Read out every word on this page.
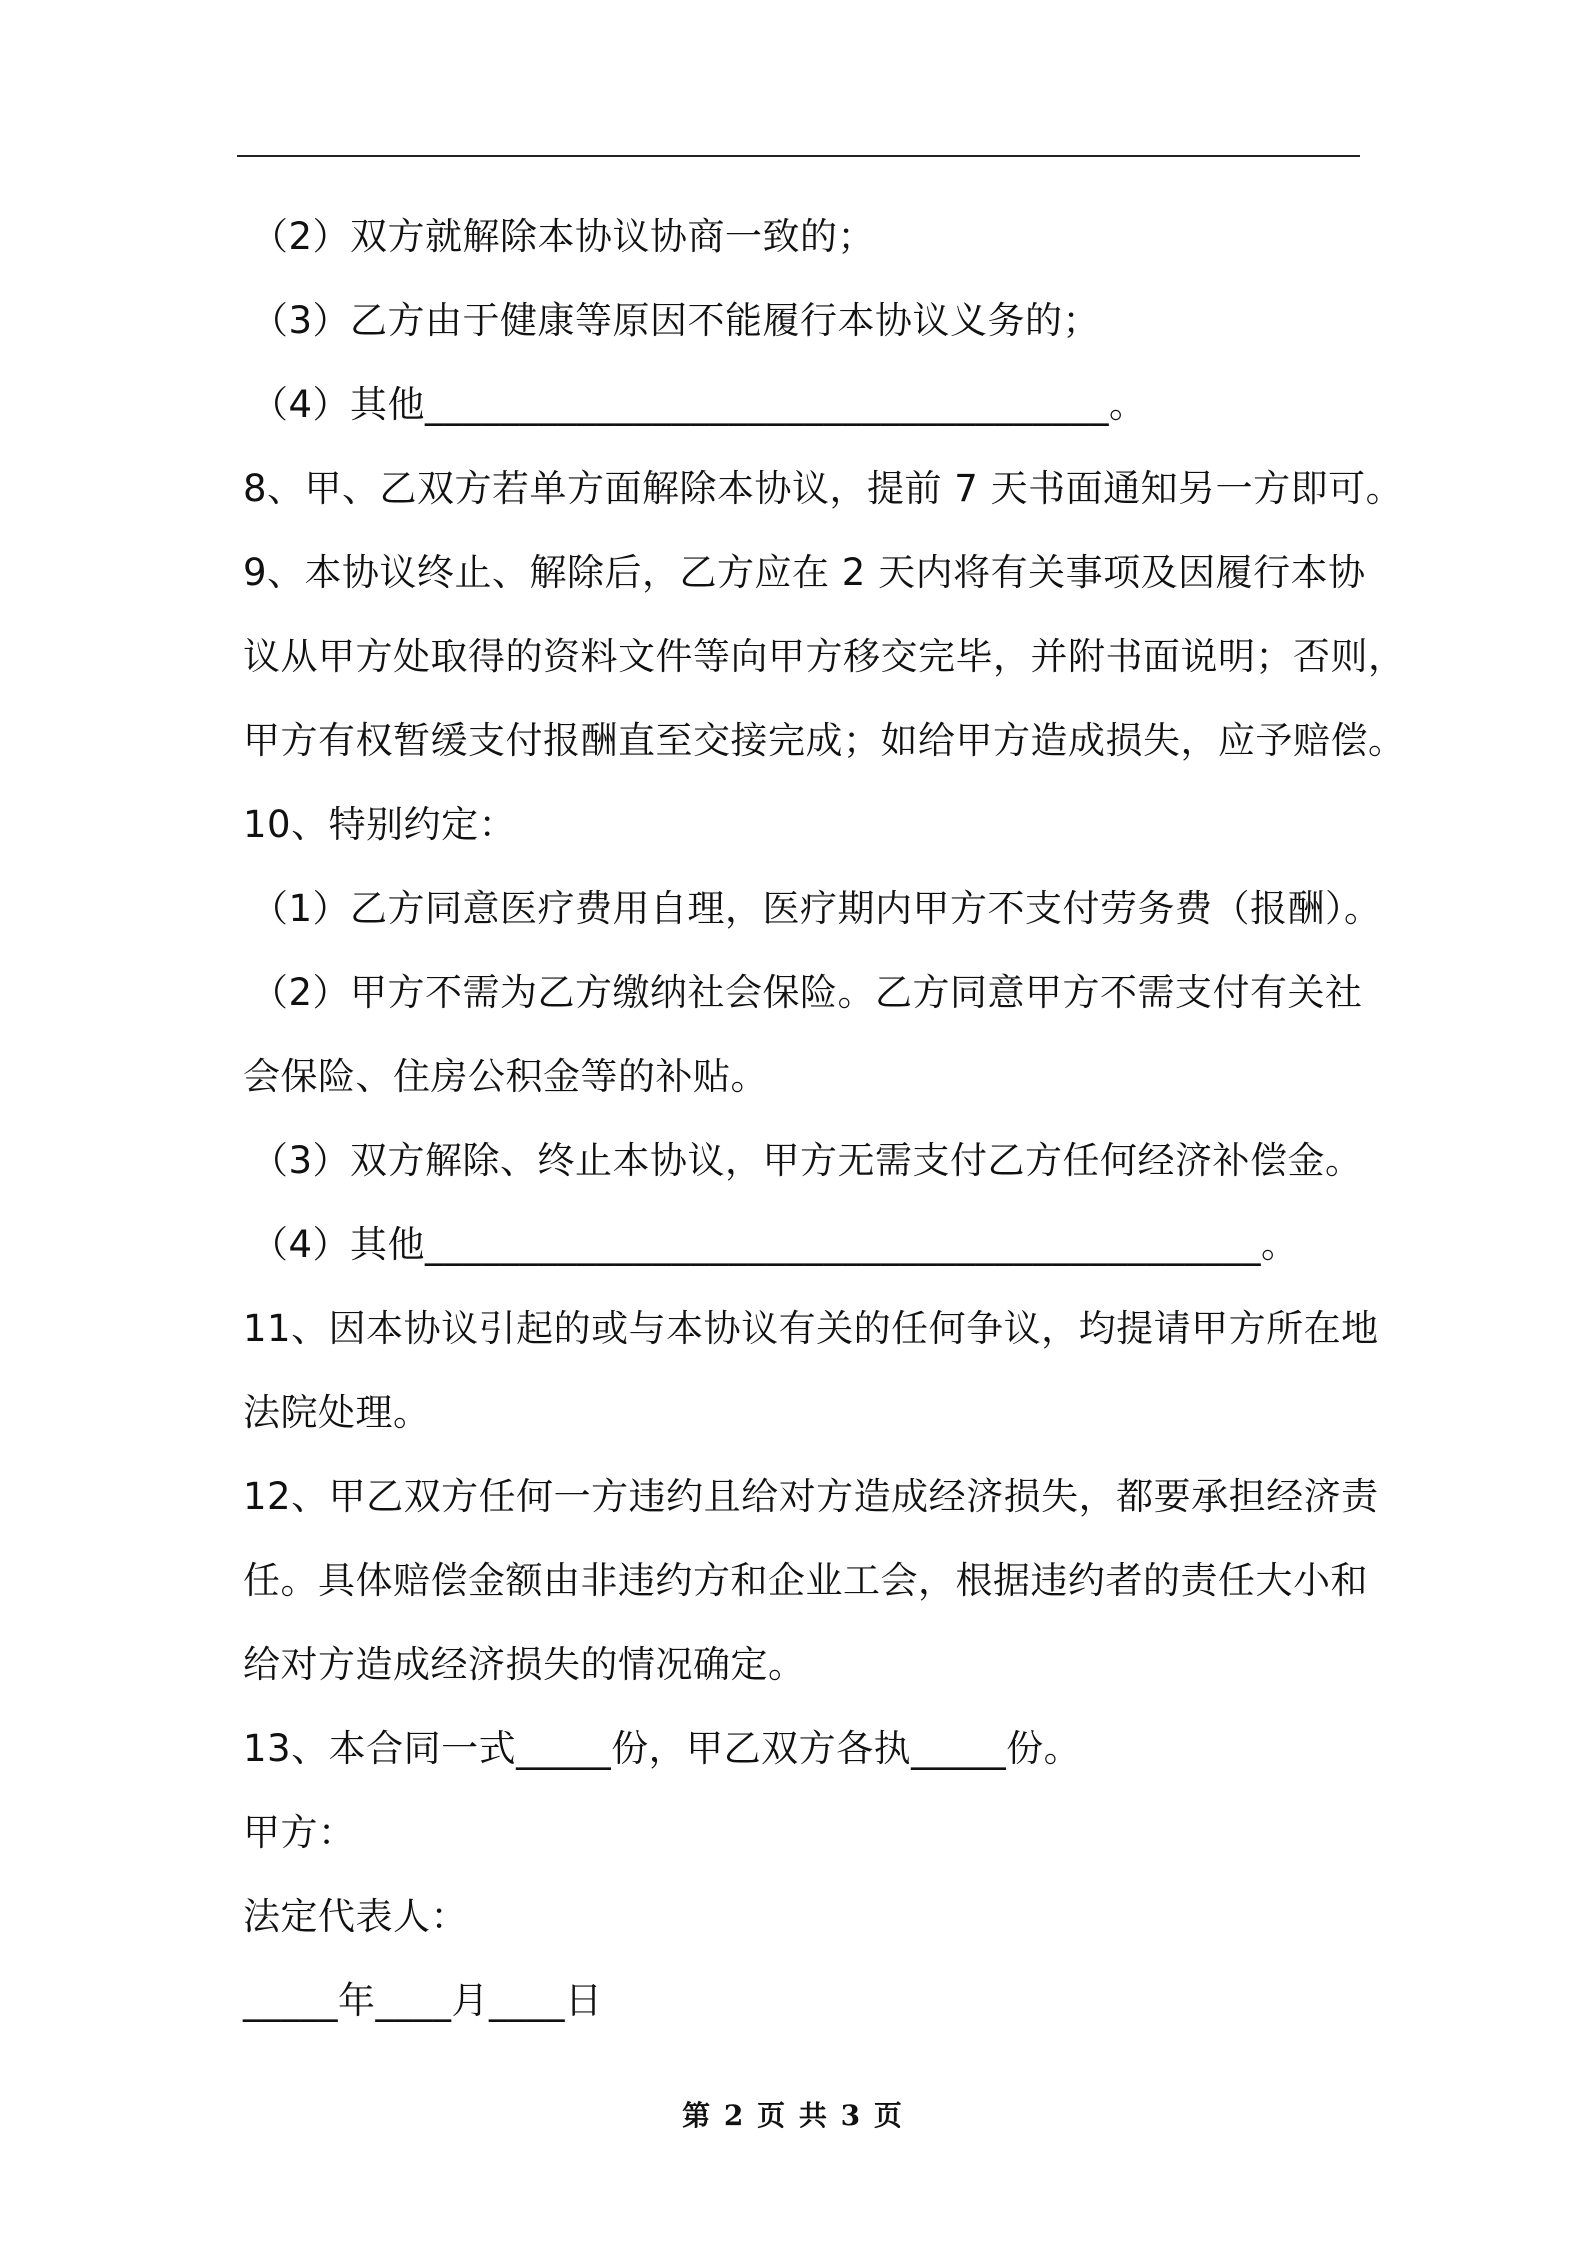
（2）双方就解除本协议协商一致的；
（3）乙方由于健康等原因不能履行本协议义务的；
（4）其他____________________________________。
8、甲、乙双方若单方面解除本协议，提前 7 天书面通知另一方即可。
9、本协议终止、解除后，乙方应在 2 天内将有关事项及因履行本协
议从甲方处取得的资料文件等向甲方移交完毕，并附书面说明；否则，
甲方有权暂缓支付报酬直至交接完成；如给甲方造成损失，应予赔偿。
10、特别约定：
（1）乙方同意医疗费用自理，医疗期内甲方不支付劳务费（报酬）。
（2）甲方不需为乙方缴纳社会保险。乙方同意甲方不需支付有关社
会保险、住房公积金等的补贴。
（3）双方解除、终止本协议，甲方无需支付乙方任何经济补偿金。
（4）其他____________________________________________。
11、因本协议引起的或与本协议有关的任何争议，均提请甲方所在地
法院处理。
12、甲乙双方任何一方违约且给对方造成经济损失，都要承担经济责
任。具体赔偿金额由非违约方和企业工会，根据违约者的责任大小和
给对方造成经济损失的情况确定。
13、本合同一式_____份，甲乙双方各执_____份。
甲方：
法定代表人：
_____年____月____日
第 2 页 共 3 页
